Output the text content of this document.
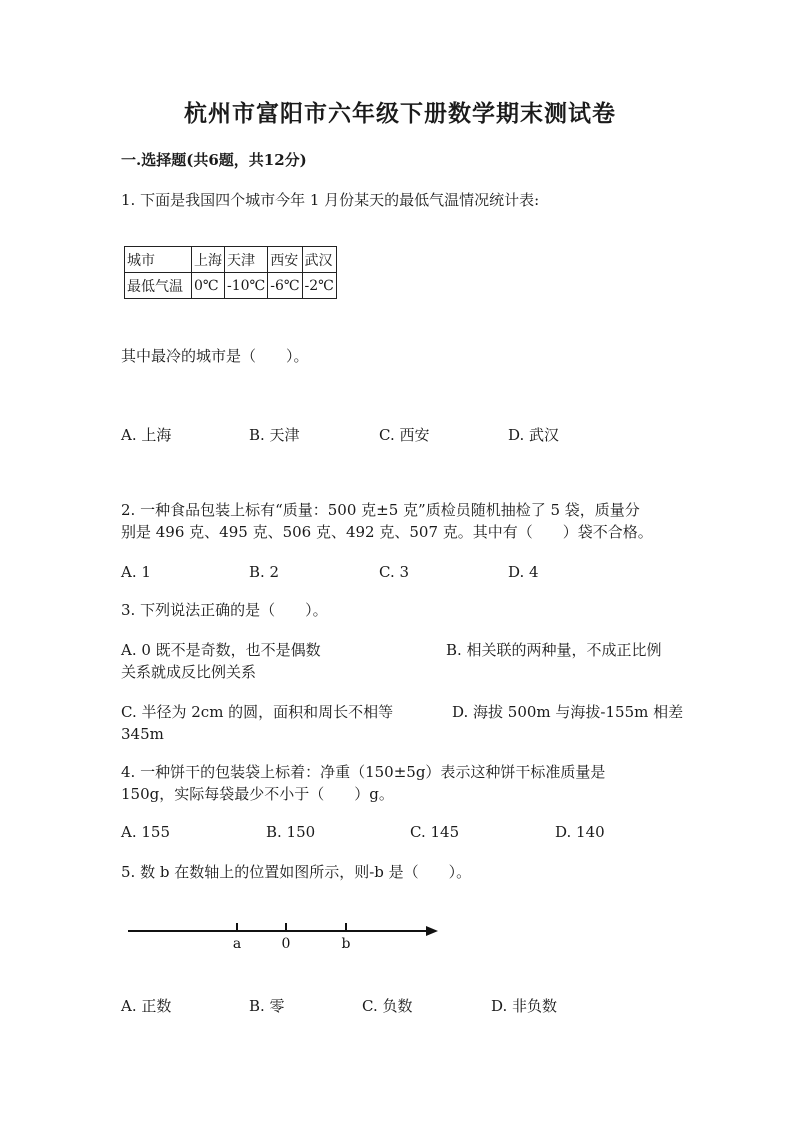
杭州市富阳市六年级下册数学期末测试卷
一.选择题(共6题，共12分)
1. 下面是我国四个城市今年 1 月份某天的最低气温情况统计表:
城市	上海	天津	西安	武汉
最低气温	0℃	-10℃	-6℃	-2℃
其中最冷的城市是（　　）。
A. 上海	B. 天津	C. 西安	D. 武汉
2. 一种食品包装上标有“质量：500 克±5 克”质检员随机抽检了 5 袋，质量分
别是 496 克、495 克、506 克、492 克、507 克。其中有（　　）袋不合格。
A. 1	B. 2	C. 3	D. 4
3. 下列说法正确的是（　　）。
A. 0 既不是奇数，也不是偶数	B. 相关联的两种量，不成正比例
关系就成反比例关系
C. 半径为 2cm 的圆，面积和周长不相等	D. 海拔 500m 与海拔-155m 相差
345m
4. 一种饼干的包装袋上标着：净重（150±5g）表示这种饼干标准质量是
150g，实际每袋最少不小于（　　）g。
A. 155	B. 150	C. 145	D. 140
5. 数 b 在数轴上的位置如图所示，则-b 是（　　）。
a	0	b
A. 正数	B. 零	C. 负数	D. 非负数
